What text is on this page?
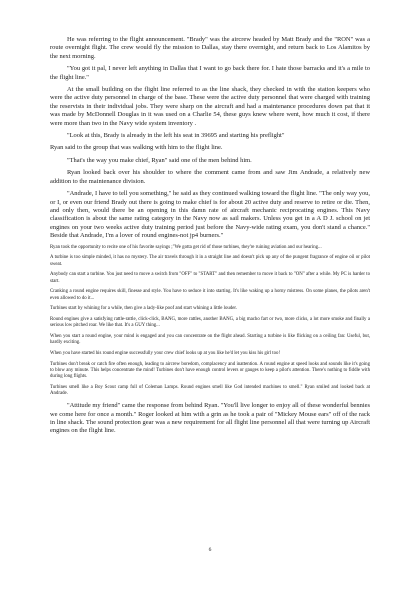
He was referring to the flight announcement. "Brady" was the aircrew headed by Matt Brady and the "RON" was a route overnight flight. The crew would fly the mission to Dallas, stay there overnight, and return back to Los Alamitos by the next morning.

"You got it pal, I never left anything in Dallas that I want to go back there for. I hate those barracks and it's a mile to the flight line."

At the small building on the flight line referred to as the line shack, they checked in with the station keepers who were the active duty personnel in charge of the base. These were the active duty personnel that were charged with training the reservists in their individual jobs. They were sharp on the aircraft and had a maintenance procedures down pat that it was made by McDonnell Douglas in it was used on a Charlie 54, these guys knew where went, how much it cost, if there were more than two in the Navy wide system inventory .

"Look at this, Brady is already in the left his seat in 39695 and starting his preflight"

Ryan said to the group that was walking with him to the flight line.

"That's the way you make chief, Ryan" said one of the men behind him.

Ryan looked back over his shoulder to where the comment came from and saw Jim Andrade, a relatively new addition to the maintenance division.

"Andrade, I have to tell you something," he said as they continued walking toward the flight line. "The only way you, or I, or even our friend Brady out there is going to make chief is for about 20 active duty and reserve to retire or die. Then, and only then, would there be an opening in this damn rate of aircraft mechanic reciprocating engines. This Navy classification is about the same rating category in the Navy now as sail makers. Unless you get in a A D J. school on jet engines on your two weeks active duty training period just before the Navy-wide rating exam, you don't stand a chance." Beside that Andrade, I'm a lover of round engines-not jp4 burners."

Ryan took the opportunity to recite one of his favorite sayings ;"We gotta get rid of those turbines, they're ruining aviation and our hearing...

A turbine is too simple minded, it has no mystery. The air travels through it in a straight line and doesn't pick up any of the pungent fragrance of engine oil or pilot sweat.

Anybody can start a turbine. You just need to move a switch from "OFF" to "START" and then remember to move it back to "ON" after a while. My PC is harder to start.

Cranking a round engine requires skill, finesse and style. You have to seduce it into starting. It's like waking up a horny mistress. On some planes, the pilots aren't even allowed to do it...

Turbines start by whining for a while, then give a lady-like poof and start whining a little louder.

Round engines give a satisfying rattle-rattle, click-click, BANG, more rattles, another BANG, a big macho fart or two, more clicks, a lot more smoke and finally a serious low pitched roar. We like that. It's a GUY thing...

When you start a round engine, your mind is engaged and you can concentrate on the flight ahead. Starting a turbine is like flicking on a ceiling fan: Useful, but, hardly exciting.

When you have started his round engine successfully your crew chief looks up at you like he'd let you kiss his girl too!

Turbines don't break or catch fire often enough, leading to aircrew boredom, complacency and inattention. A round engine at speed looks and sounds like it's going to blow any minute. This helps concentrate the mind! Turbines don't have enough control levers or gauges to keep a pilot's attention. There's nothing to fiddle with during long flights.

Turbines smell like a Boy Scout camp full of Coleman Lamps. Round engines smell like God intended machines to smell." Ryan smiled and looked back at Andrade.

"Attitude my friend" came the response from behind Ryan. "You'll live longer to enjoy all of these wonderful bennies we come here for once a month." Roger looked at him with a grin as he took a pair of "Mickey Mouse ears" off of the rack in line shack. The sound protection gear was a new requirement for all flight line personnel all that were turning up Aircraft engines on the flight line.

6
